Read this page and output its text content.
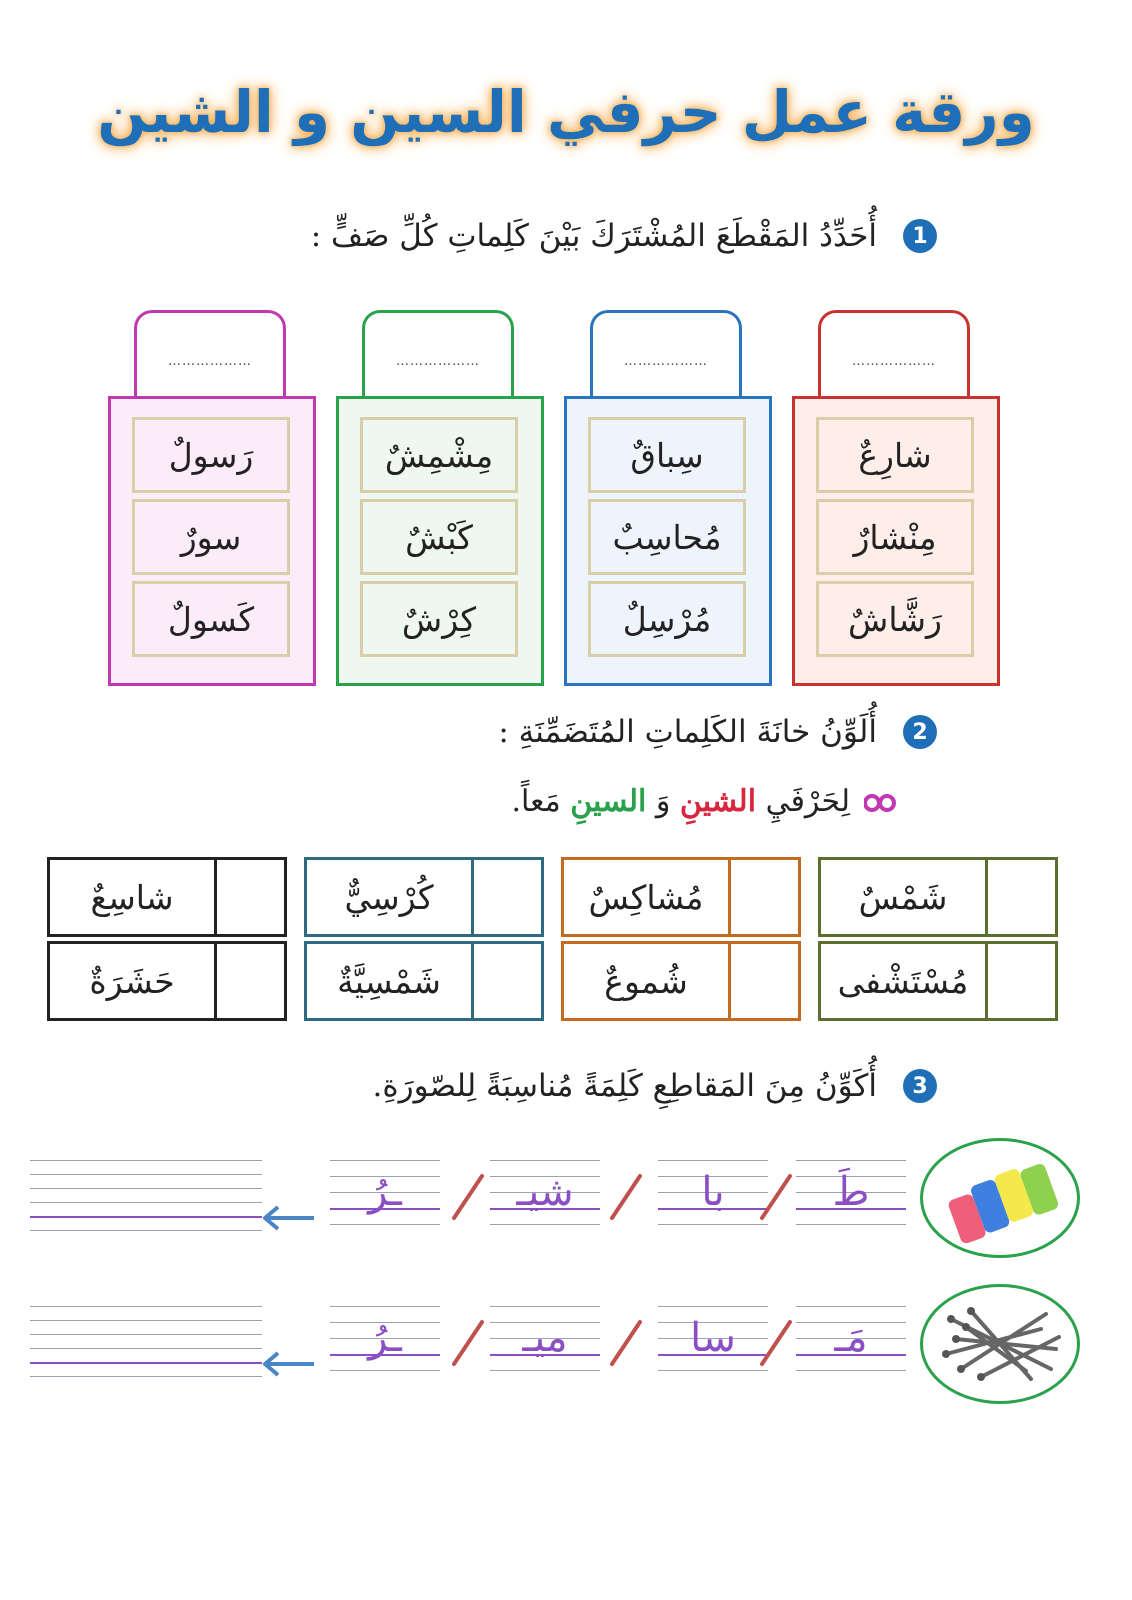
ورقة عمل حرفي السين و الشين
1
أُحَدِّدُ المَقْطَعَ المُشْتَرَكَ بَيْنَ كَلِماتِ كُلِّ صَفٍّ :
شارِعٌ
مِنْشارٌ
رَشَّاشٌ
………………
سِباقٌ
مُحاسِبٌ
مُرْسِلٌ
………………
مِشْمِشٌ
كَبْشٌ
كِرْشٌ
………………
رَسولٌ
سورٌ
كَسولٌ
………………
2
أُلَوِّنُ خانَةَ الكَلِماتِ المُتَضَمِّنَةِ :
لِحَرْفَيِ الشينِ وَ السينِ مَعاً.
شَمْسٌ
مُسْتَشْفى
مُشاكِسٌ
شُموعٌ
كُرْسِيٌّ
شَمْسِيَّةٌ
شاسِعٌ
حَشَرَةٌ
3
أُكَوِّنُ مِنَ المَقاطِعِ كَلِمَةً مُناسِبَةً لِلصّورَةِ.
طَ
با
شيـ
ـرُ
مَـ
سا
ميـ
ـرُ
